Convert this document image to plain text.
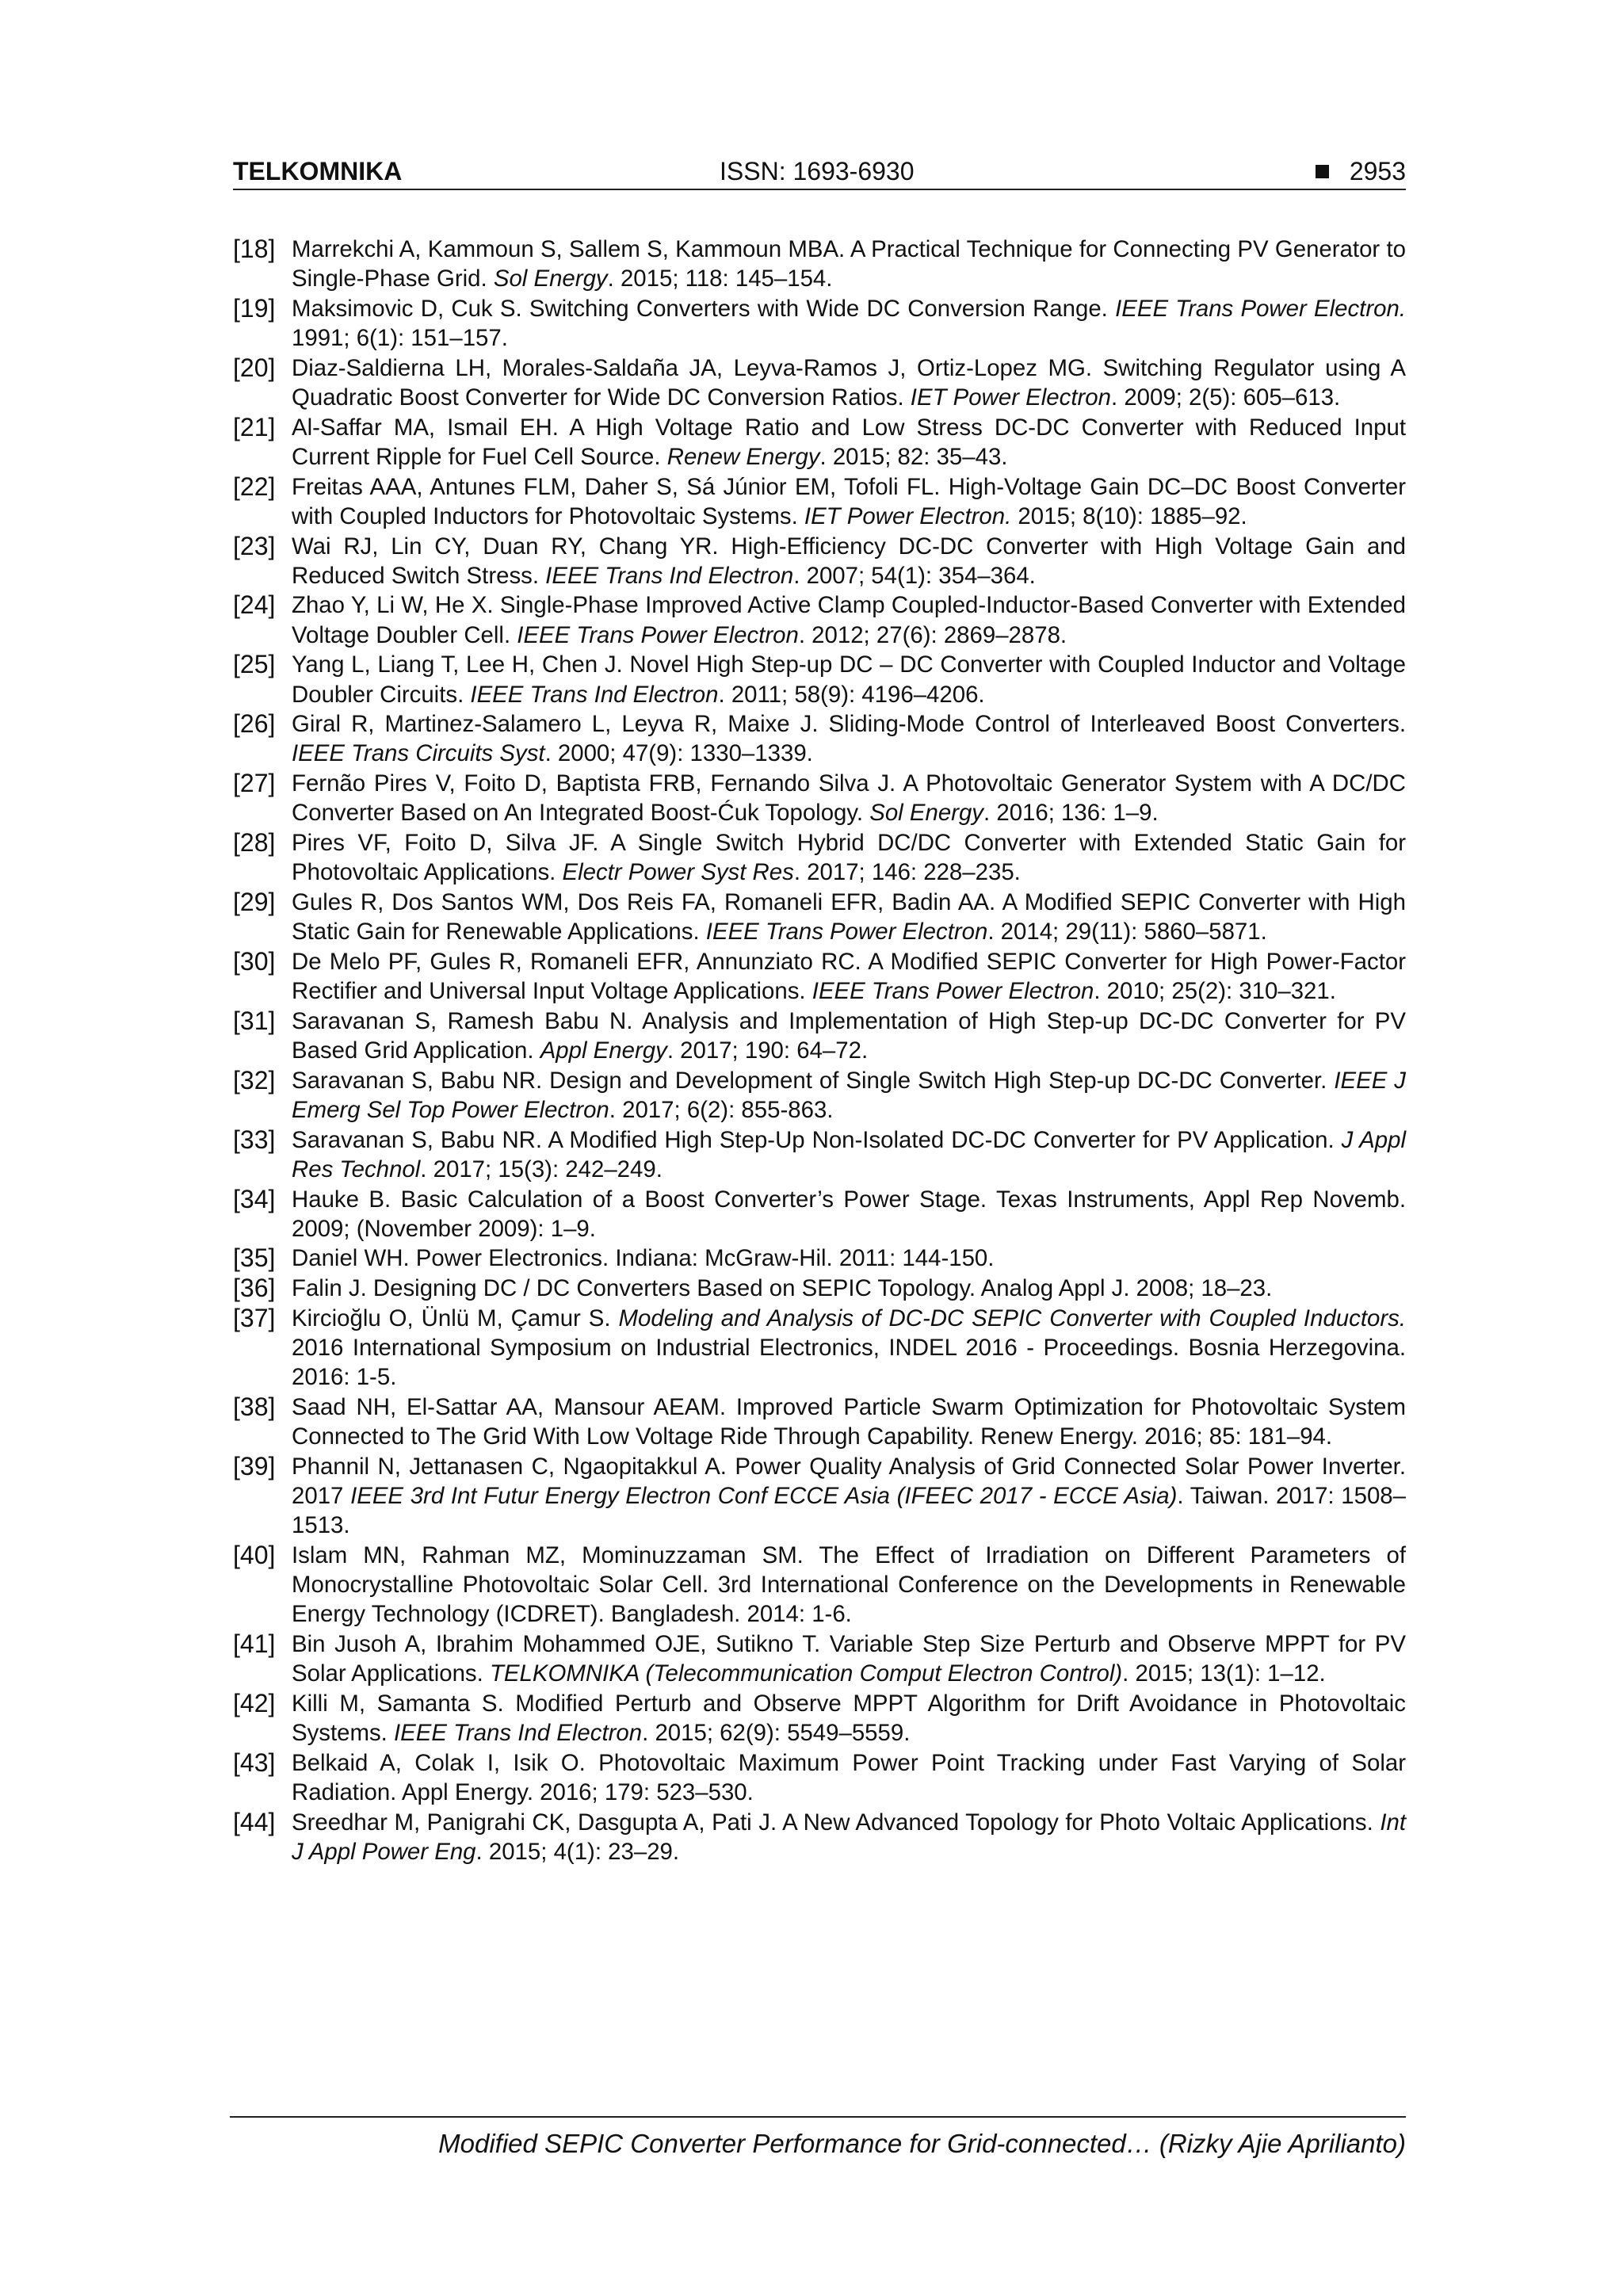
TELKOMNIKA	ISSN: 1693-6930	2953
[18] Marrekchi A, Kammoun S, Sallem S, Kammoun MBA. A Practical Technique for Connecting PV Generator to Single-Phase Grid. Sol Energy. 2015; 118: 145–154.
[19] Maksimovic D, Cuk S. Switching Converters with Wide DC Conversion Range. IEEE Trans Power Electron. 1991; 6(1): 151–157.
[20] Diaz-Saldierna LH, Morales-Saldaña JA, Leyva-Ramos J, Ortiz-Lopez MG. Switching Regulator using A Quadratic Boost Converter for Wide DC Conversion Ratios. IET Power Electron. 2009; 2(5): 605–613.
[21] Al-Saffar MA, Ismail EH. A High Voltage Ratio and Low Stress DC-DC Converter with Reduced Input Current Ripple for Fuel Cell Source. Renew Energy. 2015; 82: 35–43.
[22] Freitas AAA, Antunes FLM, Daher S, Sá Júnior EM, Tofoli FL. High-Voltage Gain DC–DC Boost Converter with Coupled Inductors for Photovoltaic Systems. IET Power Electron. 2015; 8(10): 1885–92.
[23] Wai RJ, Lin CY, Duan RY, Chang YR. High-Efficiency DC-DC Converter with High Voltage Gain and Reduced Switch Stress. IEEE Trans Ind Electron. 2007; 54(1): 354–364.
[24] Zhao Y, Li W, He X. Single-Phase Improved Active Clamp Coupled-Inductor-Based Converter with Extended Voltage Doubler Cell. IEEE Trans Power Electron. 2012; 27(6): 2869–2878.
[25] Yang L, Liang T, Lee H, Chen J. Novel High Step-up DC – DC Converter with Coupled Inductor and Voltage Doubler Circuits. IEEE Trans Ind Electron. 2011; 58(9): 4196–4206.
[26] Giral R, Martinez-Salamero L, Leyva R, Maixe J. Sliding-Mode Control of Interleaved Boost Converters. IEEE Trans Circuits Syst. 2000; 47(9): 1330–1339.
[27] Fernão Pires V, Foito D, Baptista FRB, Fernando Silva J. A Photovoltaic Generator System with A DC/DC Converter Based on An Integrated Boost-Ćuk Topology. Sol Energy. 2016; 136: 1–9.
[28] Pires VF, Foito D, Silva JF. A Single Switch Hybrid DC/DC Converter with Extended Static Gain for Photovoltaic Applications. Electr Power Syst Res. 2017; 146: 228–235.
[29] Gules R, Dos Santos WM, Dos Reis FA, Romaneli EFR, Badin AA. A Modified SEPIC Converter with High Static Gain for Renewable Applications. IEEE Trans Power Electron. 2014; 29(11): 5860–5871.
[30] De Melo PF, Gules R, Romaneli EFR, Annunziato RC. A Modified SEPIC Converter for High Power-Factor Rectifier and Universal Input Voltage Applications. IEEE Trans Power Electron. 2010; 25(2): 310–321.
[31] Saravanan S, Ramesh Babu N. Analysis and Implementation of High Step-up DC-DC Converter for PV Based Grid Application. Appl Energy. 2017; 190: 64–72.
[32] Saravanan S, Babu NR. Design and Development of Single Switch High Step-up DC-DC Converter. IEEE J Emerg Sel Top Power Electron. 2017; 6(2): 855-863.
[33] Saravanan S, Babu NR. A Modified High Step-Up Non-Isolated DC-DC Converter for PV Application. J Appl Res Technol. 2017; 15(3): 242–249.
[34] Hauke B. Basic Calculation of a Boost Converter’s Power Stage. Texas Instruments, Appl Rep Novemb. 2009; (November 2009): 1–9.
[35] Daniel WH. Power Electronics. Indiana: McGraw-Hil. 2011: 144-150.
[36] Falin J. Designing DC / DC Converters Based on SEPIC Topology. Analog Appl J. 2008; 18–23.
[37] Kircioğlu O, Ünlü M, Çamur S. Modeling and Analysis of DC-DC SEPIC Converter with Coupled Inductors. 2016 International Symposium on Industrial Electronics, INDEL 2016 - Proceedings. Bosnia Herzegovina. 2016: 1-5.
[38] Saad NH, El-Sattar AA, Mansour AEAM. Improved Particle Swarm Optimization for Photovoltaic System Connected to The Grid With Low Voltage Ride Through Capability. Renew Energy. 2016; 85: 181–94.
[39] Phannil N, Jettanasen C, Ngaopitakkul A. Power Quality Analysis of Grid Connected Solar Power Inverter. 2017 IEEE 3rd Int Futur Energy Electron Conf ECCE Asia (IFEEC 2017 - ECCE Asia). Taiwan. 2017: 1508–1513.
[40] Islam MN, Rahman MZ, Mominuzzaman SM. The Effect of Irradiation on Different Parameters of Monocrystalline Photovoltaic Solar Cell. 3rd International Conference on the Developments in Renewable Energy Technology (ICDRET). Bangladesh. 2014: 1-6.
[41] Bin Jusoh A, Ibrahim Mohammed OJE, Sutikno T. Variable Step Size Perturb and Observe MPPT for PV Solar Applications. TELKOMNIKA (Telecommunication Comput Electron Control). 2015; 13(1): 1–12.
[42] Killi M, Samanta S. Modified Perturb and Observe MPPT Algorithm for Drift Avoidance in Photovoltaic Systems. IEEE Trans Ind Electron. 2015; 62(9): 5549–5559.
[43] Belkaid A, Colak I, Isik O. Photovoltaic Maximum Power Point Tracking under Fast Varying of Solar Radiation. Appl Energy. 2016; 179: 523–530.
[44] Sreedhar M, Panigrahi CK, Dasgupta A, Pati J. A New Advanced Topology for Photo Voltaic Applications. Int J Appl Power Eng. 2015; 4(1): 23–29.
Modified SEPIC Converter Performance for Grid-connected… (Rizky Ajie Aprilianto)
